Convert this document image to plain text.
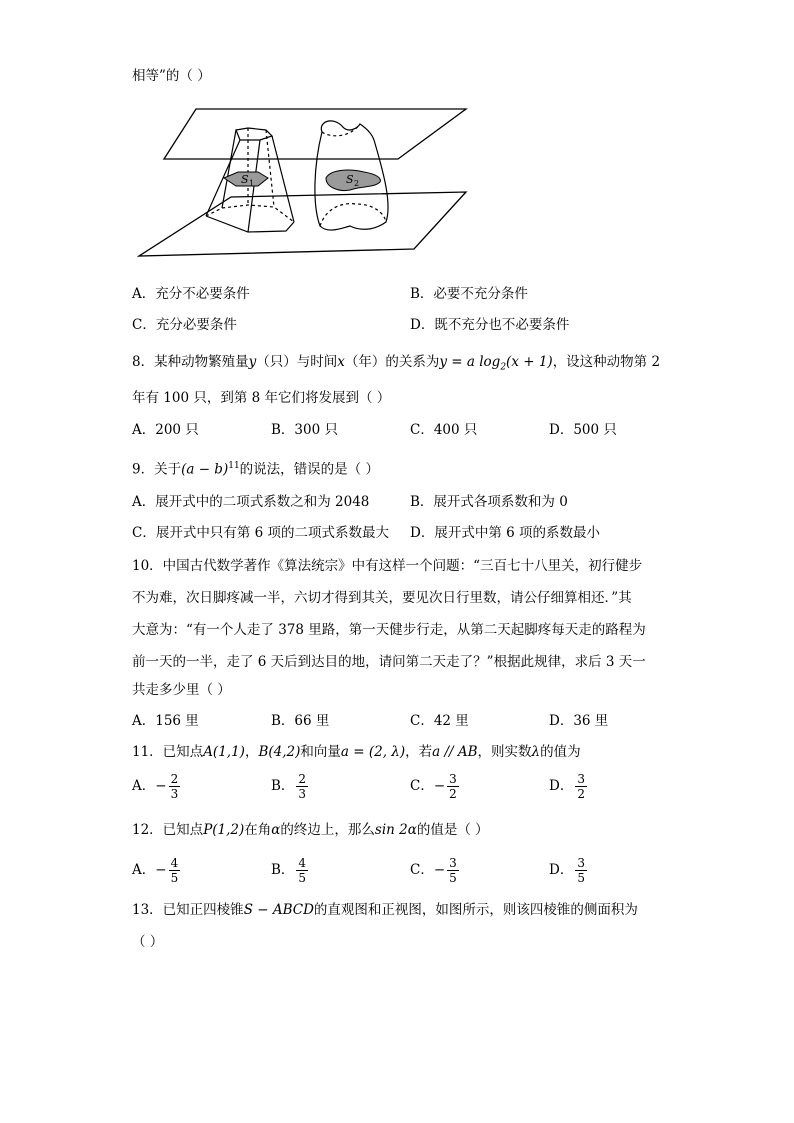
相等”的（ ）
S 1	S 2
A．充分不必要条件	B．必要不充分条件
C．充分必要条件	D．既不充分也不必要条件
8．某种动物繁殖量y（只）与时间x（年）的关系为y = a $\log_2(x + 1)$，设这种动物第 2
年有 100 只，到第 8 年它们将发展到（ ）
A．200 只	B．300 只	C．400 只	D．500 只
9．关于$(a - b)^{11}$的说法，错误的是（ ）
A．展开式中的二项式系数之和为 2048	B．展开式各项系数和为 0
C．展开式中只有第 6 项的二项式系数最大 D．展开式中第 6 项的系数最小
10．中国古代数学著作《算法统宗》中有这样一个问题：“三百七十八里关，初行健步
不为难，次日脚疼减一半，六切才得到其关，要见次日行里数，请公仔细算相还．”其
大意为：“有一个人走了 378 里路，第一天健步行走，从第二天起脚疼每天走的路程为
前一天的一半，走了 6 天后到达目的地，请问第二天走了？”根据此规律，求后 3 天一
共走多少里（ ）
A．156 里	B．66 里	C．42 里	D．36 里
11．已知点A(1,1)，B(4,2)和向量a = (2, λ)，若a // AB，则实数λ的值为
A．− $\frac{2}{3}$	B． $\frac{2}{3}$	C．− $\frac{3}{2}$	D． $\frac{3}{2}$
12．已知点P(1,2)在角α的终边上，那么sin 2α的值是（ ）
A．− $\frac{4}{5}$	B． $\frac{4}{5}$	C．− $\frac{3}{5}$	D． $\frac{3}{5}$
13．已知正四棱锥S − ABCD的直观图和正视图，如图所示，则该四棱锥的侧面积为
（ ）
